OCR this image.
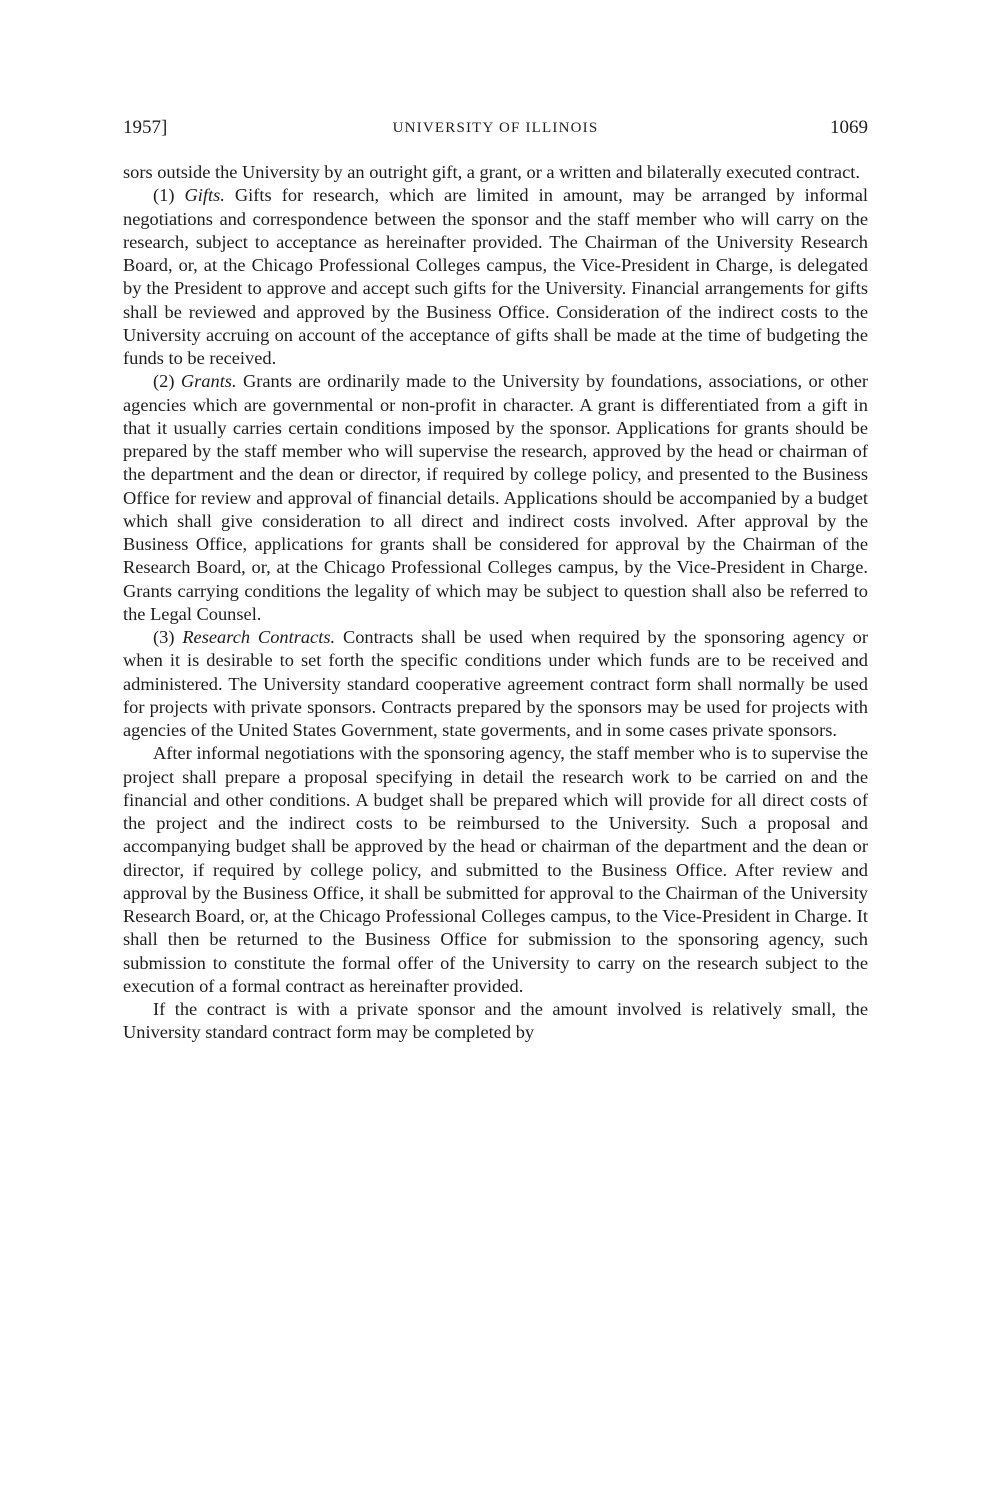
1957]	UNIVERSITY OF ILLINOIS	1069

sors outside the University by an outright gift, a grant, or a written and bilaterally executed contract.

(1) Gifts. Gifts for research, which are limited in amount, may be arranged by informal negotiations and correspondence between the sponsor and the staff member who will carry on the research, subject to acceptance as hereinafter provided. The Chairman of the University Research Board, or, at the Chicago Professional Colleges campus, the Vice-President in Charge, is delegated by the President to approve and accept such gifts for the University. Financial arrangements for gifts shall be reviewed and approved by the Business Office. Consideration of the indirect costs to the University accruing on account of the acceptance of gifts shall be made at the time of budgeting the funds to be received.

(2) Grants. Grants are ordinarily made to the University by foundations, associations, or other agencies which are governmental or non-profit in character. A grant is differentiated from a gift in that it usually carries certain conditions imposed by the sponsor. Applications for grants should be prepared by the staff member who will supervise the research, approved by the head or chairman of the department and the dean or director, if required by college policy, and presented to the Business Office for review and approval of financial details. Applications should be accompanied by a budget which shall give consideration to all direct and indirect costs involved. After approval by the Business Office, applications for grants shall be considered for approval by the Chairman of the Research Board, or, at the Chicago Professional Colleges campus, by the Vice-President in Charge. Grants carrying conditions the legality of which may be subject to question shall also be referred to the Legal Counsel.

(3) Research Contracts. Contracts shall be used when required by the sponsoring agency or when it is desirable to set forth the specific conditions under which funds are to be received and administered. The University standard cooperative agreement contract form shall normally be used for projects with private sponsors. Contracts prepared by the sponsors may be used for projects with agencies of the United States Government, state goverments, and in some cases private sponsors.

After informal negotiations with the sponsoring agency, the staff member who is to supervise the project shall prepare a proposal specifying in detail the research work to be carried on and the financial and other conditions. A budget shall be prepared which will provide for all direct costs of the project and the indirect costs to be reimbursed to the University. Such a proposal and accompanying budget shall be approved by the head or chairman of the department and the dean or director, if required by college policy, and submitted to the Business Office. After review and approval by the Business Office, it shall be submitted for approval to the Chairman of the University Research Board, or, at the Chicago Professional Colleges campus, to the Vice-President in Charge. It shall then be returned to the Business Office for submission to the sponsoring agency, such submission to constitute the formal offer of the University to carry on the research subject to the execution of a formal contract as hereinafter provided.

If the contract is with a private sponsor and the amount involved is relatively small, the University standard contract form may be completed by
